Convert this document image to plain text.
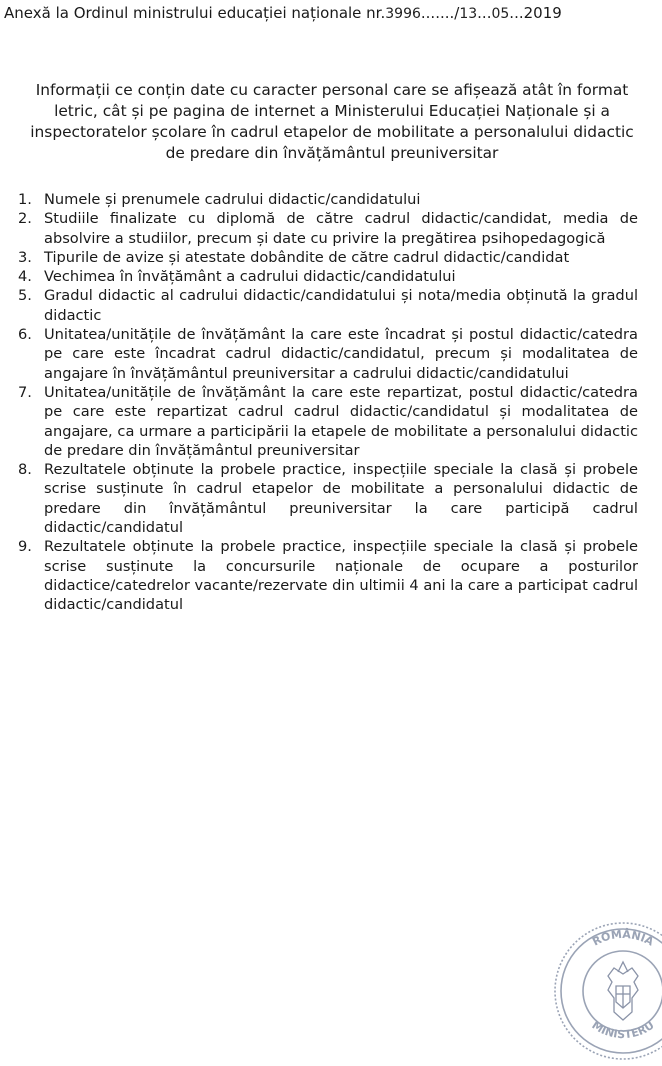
Anexă la Ordinul ministrului educației naționale nr.3996......./13...05...2019
Informații ce conțin date cu caracter personal care se afișează atât în format
letric, cât și pe pagina de internet a Ministerului Educației Naționale și a
inspectoratelor școlare în cadrul etapelor de mobilitate a personalului didactic
de predare din învățământul preuniversitar
1. Numele și prenumele cadrului didactic/candidatului
2. Studiile finalizate cu diplomă de către cadrul didactic/candidat, media de absolvire a studiilor, precum și date cu privire la pregătirea psihopedagogică
3. Tipurile de avize și atestate dobândite de către cadrul didactic/candidat
4. Vechimea în învățământ a cadrului didactic/candidatului
5. Gradul didactic al cadrului didactic/candidatului și nota/media obținută la gradul didactic
6. Unitatea/unitățile de învățământ la care este încadrat și postul didactic/catedra pe care este încadrat cadrul didactic/candidatul, precum și modalitatea de angajare în învățământul preuniversitar a cadrului didactic/candidatului
7. Unitatea/unitățile de învățământ la care este repartizat, postul didactic/catedra pe care este repartizat cadrul cadrul didactic/candidatul și modalitatea de angajare, ca urmare a participării la etapele de mobilitate a personalului didactic de predare din învățământul preuniversitar
8. Rezultatele obținute la probele practice, inspecțiile speciale la clasă și probele scrise susținute în cadrul etapelor de mobilitate a personalului didactic de predare din învățământul preuniversitar la care participă cadrul didactic/candidatul
9. Rezultatele obținute la probele practice, inspecțiile speciale la clasă și probele scrise susținute la concursurile naționale de ocupare a posturilor didactice/catedrelor vacante/rezervate din ultimii 4 ani la care a participat cadrul didactic/candidatul
ROMÂNIA
MINISTERU
